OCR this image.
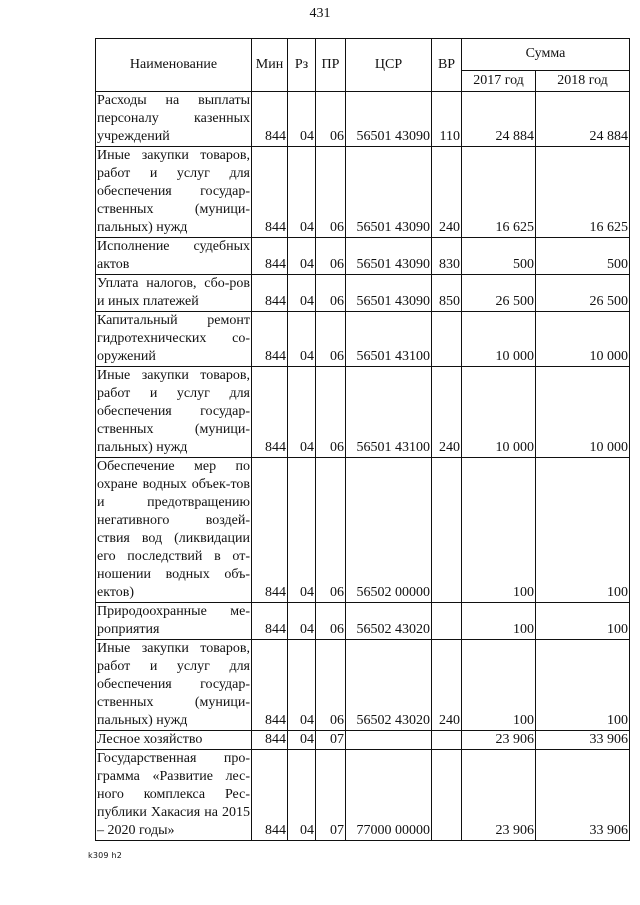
431
Наименование	Мин	Рз	ПР	ЦСР	ВР	Сумма	
						2017 год	2018 год
Расходы на выплаты персоналу казенных учреждений	844	04	06	56501 43090	110	24 884	24 884
Иные закупки товаров, работ и услуг для обеспечения государ-ственных (муници-пальных) нужд	844	04	06	56501 43090	240	16 625	16 625
Исполнение судебных актов	844	04	06	56501 43090	830	500	500
Уплата налогов, сбо-ров и иных платежей	844	04	06	56501 43090	850	26 500	26 500
Капитальный ремонт гидротехнических со-оружений	844	04	06	56501 43100		10 000	10 000
Иные закупки товаров, работ и услуг для обеспечения государ-ственных (муници-пальных) нужд	844	04	06	56501 43100	240	10 000	10 000
Обеспечение мер по охране водных объек-тов и предотвращению негативного воздей-ствия вод (ликвидации его последствий в от-ношении водных объ-ектов)	844	04	06	56502 00000		100	100
Природоохранные ме-роприятия	844	04	06	56502 43020		100	100
Иные закупки товаров, работ и услуг для обеспечения государ-ственных (муници-пальных) нужд	844	04	06	56502 43020	240	100	100
Лесное хозяйство	844	04	07			23 906	33 906
Государственная про-грамма «Развитие лес-ного комплекса Рес-публики Хакасия на 2015 – 2020 годы»	844	04	07	77000 00000		23 906	33 906
k309 h2
